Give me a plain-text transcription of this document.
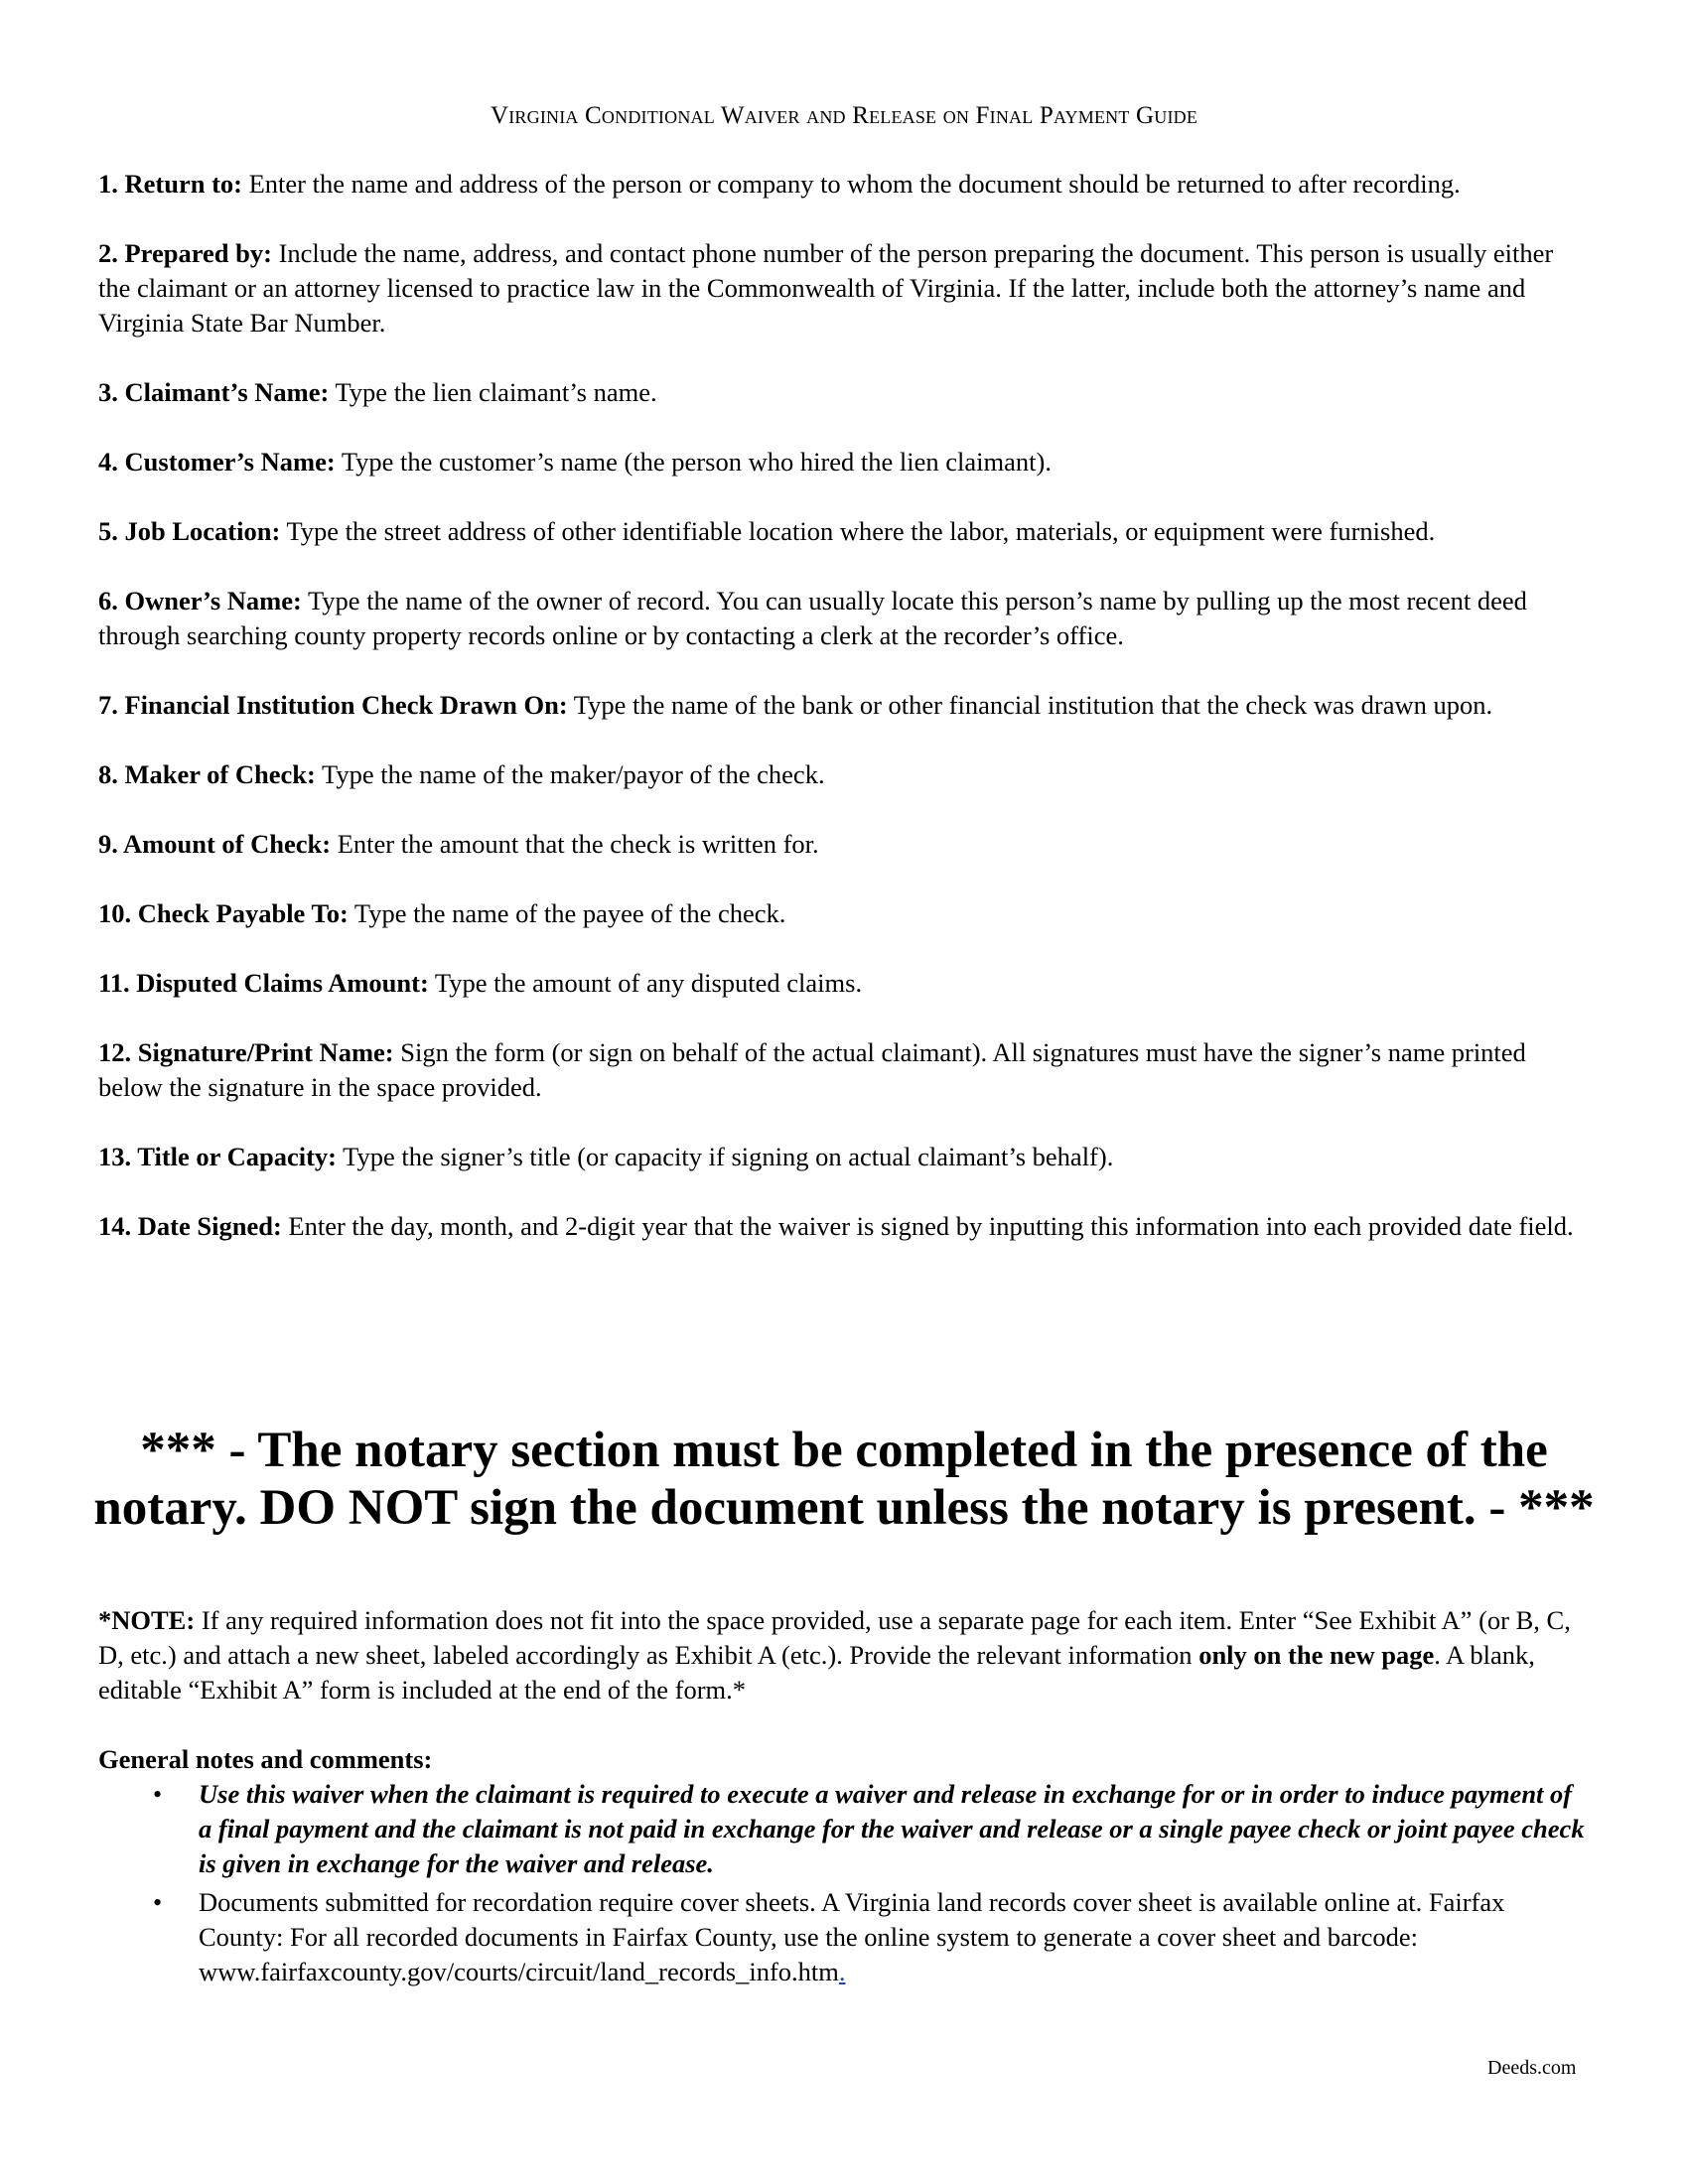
Virginia Conditional Waiver and Release on Final Payment Guide

1. Return to: Enter the name and address of the person or company to whom the document should be returned to after recording.

2. Prepared by: Include the name, address, and contact phone number of the person preparing the document. This person is usually either the claimant or an attorney licensed to practice law in the Commonwealth of Virginia. If the latter, include both the attorney’s name and Virginia State Bar Number.

3. Claimant’s Name: Type the lien claimant’s name.

4. Customer’s Name: Type the customer’s name (the person who hired the lien claimant).

5. Job Location: Type the street address of other identifiable location where the labor, materials, or equipment were furnished.

6. Owner’s Name: Type the name of the owner of record. You can usually locate this person’s name by pulling up the most recent deed through searching county property records online or by contacting a clerk at the recorder’s office.

7. Financial Institution Check Drawn On: Type the name of the bank or other financial institution that the check was drawn upon.

8. Maker of Check: Type the name of the maker/payor of the check.

9. Amount of Check: Enter the amount that the check is written for.

10. Check Payable To: Type the name of the payee of the check.

11. Disputed Claims Amount: Type the amount of any disputed claims.

12. Signature/Print Name: Sign the form (or sign on behalf of the actual claimant). All signatures must have the signer’s name printed below the signature in the space provided.

13. Title or Capacity: Type the signer’s title (or capacity if signing on actual claimant’s behalf).

14. Date Signed: Enter the day, month, and 2-digit year that the waiver is signed by inputting this information into each provided date field.

*** - The notary section must be completed in the presence of the
notary. DO NOT sign the document unless the notary is present. - ***
*NOTE: If any required information does not fit into the space provided, use a separate page for each item. Enter “See Exhibit A” (or B, C, D, etc.) and attach a new sheet, labeled accordingly as Exhibit A (etc.). Provide the relevant information only on the new page. A blank, editable “Exhibit A” form is included at the end of the form.*
General notes and comments:
• Use this waiver when the claimant is required to execute a waiver and release in exchange for or in order to induce payment of a final payment and the claimant is not paid in exchange for the waiver and release or a single payee check or joint payee check is given in exchange for the waiver and release.
• Documents submitted for recordation require cover sheets. A Virginia land records cover sheet is available online at. Fairfax County: For all recorded documents in Fairfax County, use the online system to generate a cover sheet and barcode: www.fairfaxcounty.gov/courts/circuit/land_records_info.htm.
Deeds.com
